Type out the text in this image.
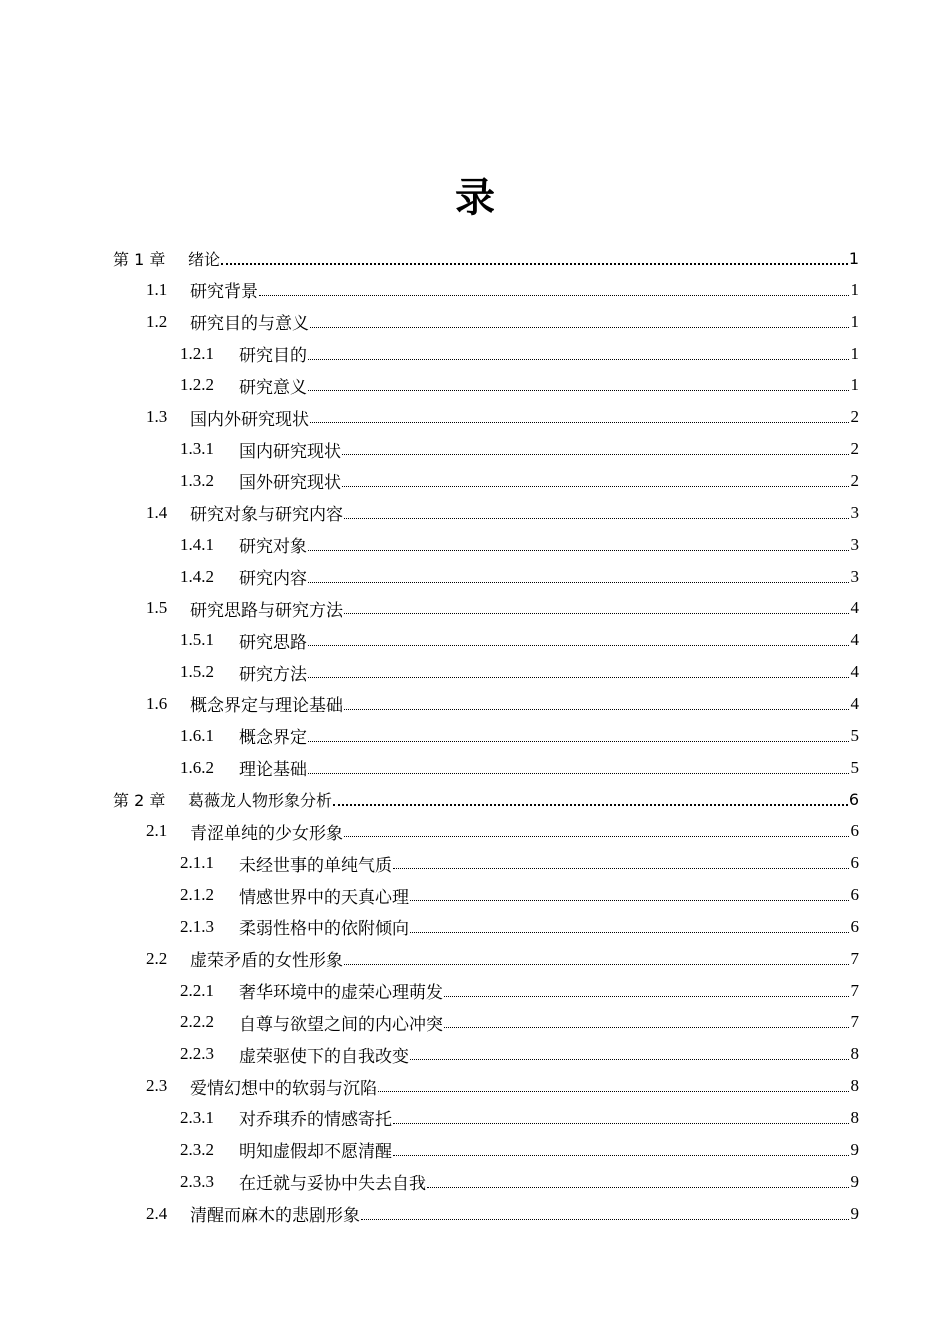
录
第 1 章	绪论	1
1.1	研究背景	1
1.2	研究目的与意义	1
1.2.1	研究目的	1
1.2.2	研究意义	1
1.3	国内外研究现状	2
1.3.1	国内研究现状	2
1.3.2	国外研究现状	2
1.4	研究对象与研究内容	3
1.4.1	研究对象	3
1.4.2	研究内容	3
1.5	研究思路与研究方法	4
1.5.1	研究思路	4
1.5.2	研究方法	4
1.6	概念界定与理论基础	4
1.6.1	概念界定	5
1.6.2	理论基础	5
第 2 章	葛薇龙人物形象分析	6
2.1	青涩单纯的少女形象	6
2.1.1	未经世事的单纯气质	6
2.1.2	情感世界中的天真心理	6
2.1.3	柔弱性格中的依附倾向	6
2.2	虚荣矛盾的女性形象	7
2.2.1	奢华环境中的虚荣心理萌发	7
2.2.2	自尊与欲望之间的内心冲突	7
2.2.3	虚荣驱使下的自我改变	8
2.3	爱情幻想中的软弱与沉陷	8
2.3.1	对乔琪乔的情感寄托	8
2.3.2	明知虚假却不愿清醒	9
2.3.3	在迁就与妥协中失去自我	9
2.4	清醒而麻木的悲剧形象	9
